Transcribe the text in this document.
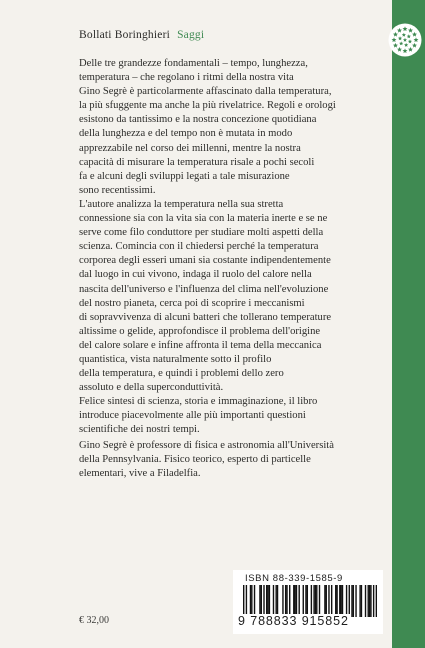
Bollati Boringhieri Saggi
Delle tre grandezze fondamentali – tempo, lunghezza,
temperatura – che regolano i ritmi della nostra vita
Gino Segrè è particolarmente affascinato dalla temperatura,
la più sfuggente ma anche la più rivelatrice. Regoli e orologi
esistono da tantissimo e la nostra concezione quotidiana
della lunghezza e del tempo non è mutata in modo
apprezzabile nel corso dei millenni, mentre la nostra
capacità di misurare la temperatura risale a pochi secoli
fa e alcuni degli sviluppi legati a tale misurazione
sono recentissimi.
L'autore analizza la temperatura nella sua stretta
connessione sia con la vita sia con la materia inerte e se ne
serve come filo conduttore per studiare molti aspetti della
scienza. Comincia con il chiedersi perché la temperatura
corporea degli esseri umani sia costante indipendentemente
dal luogo in cui vivono, indaga il ruolo del calore nella
nascita dell'universo e l'influenza del clima nell'evoluzione
del nostro pianeta, cerca poi di scoprire i meccanismi
di sopravvivenza di alcuni batteri che tollerano temperature
altissime o gelide, approfondisce il problema dell'origine
del calore solare e infine affronta il tema della meccanica
quantistica, vista naturalmente sotto il profilo
della temperatura, e quindi i problemi dello zero
assoluto e della superconduttività.
Felice sintesi di scienza, storia e immaginazione, il libro
introduce piacevolmente alle più importanti questioni
scientifiche dei nostri tempi.
Gino Segrè è professore di fisica e astronomia all'Università
della Pennsylvania. Fisico teorico, esperto di particelle
elementari, vive a Filadelfia.
ISBN 88-339-1585-9
9 788833 915852
€ 32,00
